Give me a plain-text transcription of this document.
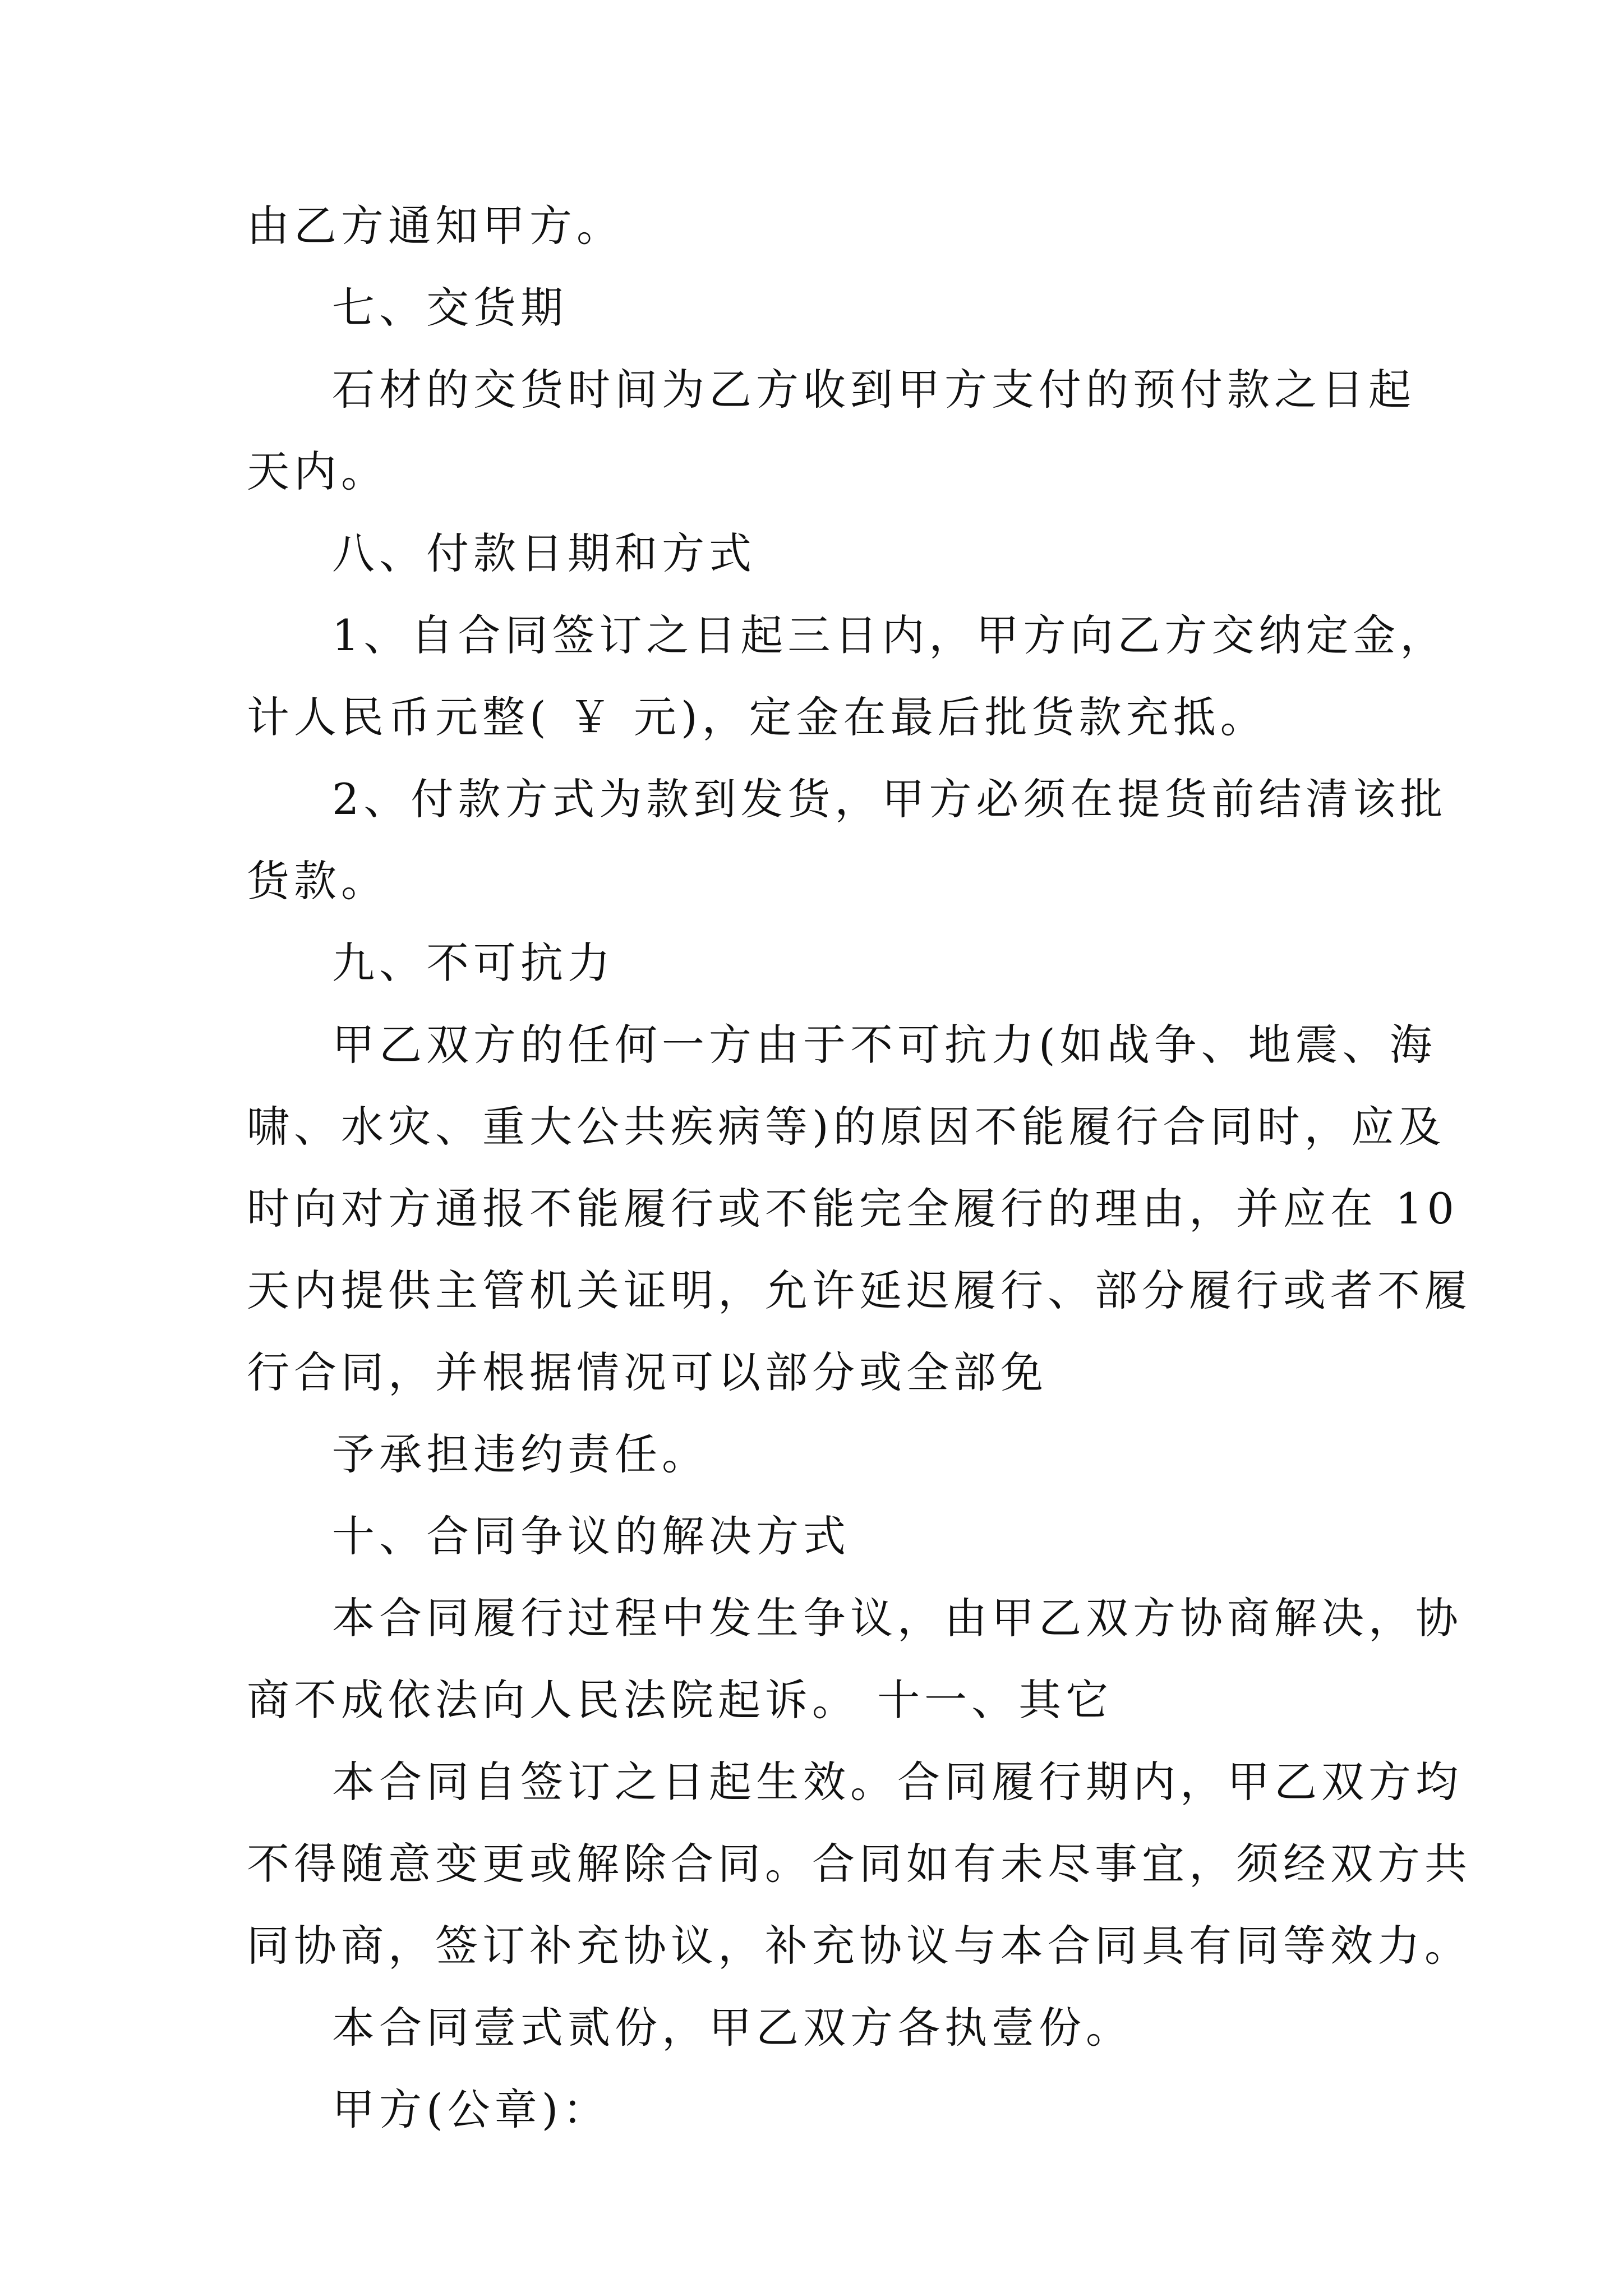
由乙方通知甲方。
七、交货期
石材的交货时间为乙方收到甲方支付的预付款之日起
天内。
八、付款日期和方式
1、自合同签订之日起三日内，甲方向乙方交纳定金，
计人民币元整( ￥ 元)，定金在最后批货款充抵。
2、付款方式为款到发货，甲方必须在提货前结清该批
货款。
九、不可抗力
甲乙双方的任何一方由于不可抗力(如战争、地震、海
啸、水灾、重大公共疾病等)的原因不能履行合同时，应及
时向对方通报不能履行或不能完全履行的理由，并应在 10
天内提供主管机关证明，允许延迟履行、部分履行或者不履
行合同，并根据情况可以部分或全部免
予承担违约责任。
十、合同争议的解决方式
本合同履行过程中发生争议，由甲乙双方协商解决，协
商不成依法向人民法院起诉。 十一、其它
本合同自签订之日起生效。合同履行期内，甲乙双方均
不得随意变更或解除合同。合同如有未尽事宜，须经双方共
同协商，签订补充协议，补充协议与本合同具有同等效力。
本合同壹式贰份，甲乙双方各执壹份。
甲方(公章)：
